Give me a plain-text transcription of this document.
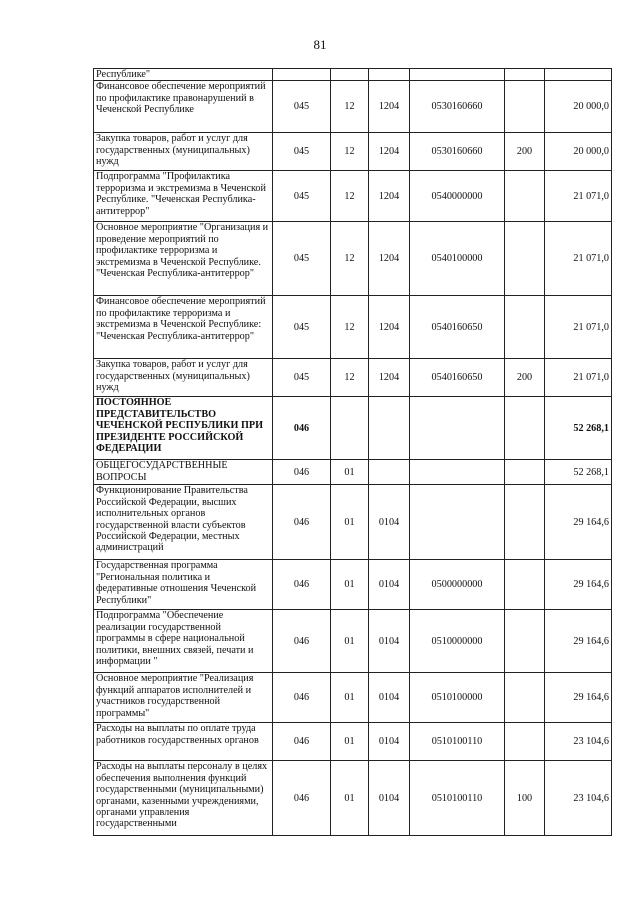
81
Республике"						
Финансовое обеспечение мероприятий по профилактике правонарушений в Чеченской Республике	045	12	1204	0530160660		20 000,0
Закупка товаров, работ и услуг для государственных (муниципальных) нужд	045	12	1204	0530160660	200	20 000,0
Подпрограмма "Профилактика терроризма и экстремизма в Чеченской Республике. "Чеченская Республика-антитеррор"	045	12	1204	0540000000		21 071,0
Основное мероприятие "Организация и проведение мероприятий по профилактике терроризма и экстремизма в Чеченской Республике. "Чеченская Республика-антитеррор"	045	12	1204	0540100000		21 071,0
Финансовое обеспечение мероприятий по профилактике терроризма и экстремизма в Чеченской Республике: "Чеченская Республика-антитеррор"	045	12	1204	0540160650		21 071,0
Закупка товаров, работ и услуг для государственных (муниципальных) нужд	045	12	1204	0540160650	200	21 071,0
ПОСТОЯННОЕ ПРЕДСТАВИТЕЛЬСТВО ЧЕЧЕНСКОЙ РЕСПУБЛИКИ ПРИ ПРЕЗИДЕНТЕ РОССИЙСКОЙ ФЕДЕРАЦИИ	046					52 268,1
ОБЩЕГОСУДАРСТВЕННЫЕ ВОПРОСЫ	046	01				52 268,1
Функционирование Правительства Российской Федерации, высших исполнительных органов государственной власти субъектов Российской Федерации, местных администраций	046	01	0104			29 164,6
Государственная программа "Региональная политика и федеративные отношения Чеченской Республики"	046	01	0104	0500000000		29 164,6
Подпрограмма "Обеспечение реализации государственной программы в сфере национальной политики, внешних связей, печати и информации "	046	01	0104	0510000000		29 164,6
Основное мероприятие "Реализация функций аппаратов исполнителей и участников государственной программы"	046	01	0104	0510100000		29 164,6
Расходы на выплаты по оплате труда работников государственных органов	046	01	0104	0510100110		23 104,6
Расходы на выплаты персоналу в целях обеспечения выполнения функций государственными (муниципальными) органами, казенными учреждениями, органами управления государственными	046	01	0104	0510100110	100	23 104,6
